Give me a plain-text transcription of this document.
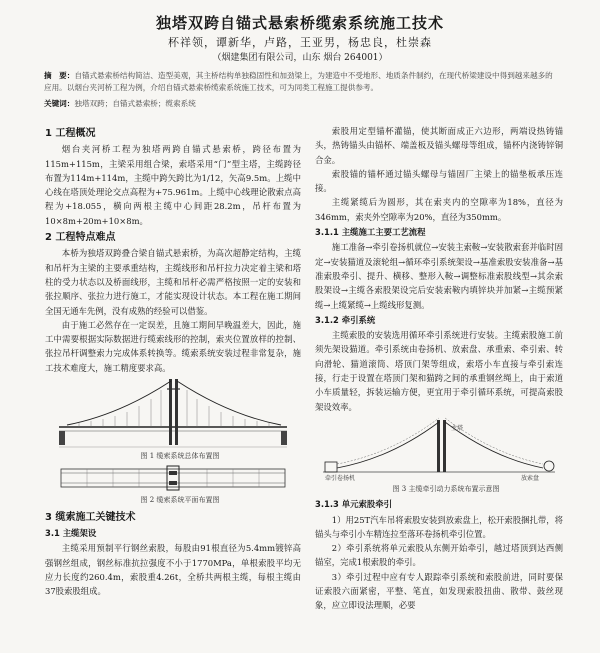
独塔双跨自锚式悬索桥缆索系统施工技术
杯祥领，谭新华，卢路，王亚男，杨忠良，杜崇森
（烟建集团有限公司，山东 烟台 264001）
摘　要：自锚式悬索桥结构简洁、造型美观，其主桥结构单独稳固性和加劲梁上，为建造中不受地形、地质条件制约，在现代桥梁建设中得到越来越多的应用。以烟台夹河桥工程为例，介绍自锚式悬索桥缆索系统施工技术，可为同类工程施工提供参考。
关键词：独塔双跨；自锚式悬索桥；缆索系统
1 工程概况

烟台夹河桥工程为独塔两跨自锚式悬索桥，跨径布置为115m+115m，主梁采用组合梁，索塔采用“门”型主塔，主缆跨径布置为114m+114m，主缆中跨矢跨比为1/12，矢高9.5m。上缆中心线在塔顶处理论交点高程为+75.961m。上缆中心线理论散索点高程为+18.055，横向两根主缆中心间距28.2m，吊杆布置为10×8m+20m+10×8m。

2 工程特点难点

本桥为独塔双跨叠合梁自锚式悬索桥，为高次超静定结构，主缆和吊杆为主梁的主要承重结构，主缆线形和吊杆拉力决定着主梁和塔柱的受力状态以及桥面线形，主缆和吊杆必需严格按照一定的安装和张拉顺序、张拉力进行施工，才能实现设计状态。本工程在施工期间全国无通车先例，没有成熟的经验可以借鉴。

由于施工必然存在一定误差，且施工期间早晚温差大，因此，施工中需要根据实际数据进行缆索线形的控制，索夹位置放样的控制、张拉吊杆调整索力完成体系转换等。缆索系统安装过程非常复杂，施工技术难度大，施工精度要求高。

图 1 缆索系统总体布置图

图 2 缆索系统平面布置图

3 缆索施工关键技术
3.1 主缆架设

主缆采用预制平行钢丝索股，每股由91根直径为5.4mm镀锌高强钢丝组成，钢丝标准抗拉强度不小于1770MPa，单根索股平均无应力长度约260.4m，索股重4.26t，全桥共两根主缆，每根主缆由37股索股组成。

索股用定型锚杯灌锚，使其断面成正六边形，两端设热铸锚头，热铸锚头由锚杯、端盖板及锚头螺母等组成，锚杯内浇铸锌铜合金。

索股锚的锚杯通过锚头螺母与锚固厂主梁上的锚垫板承压连接。

主缆紧缆后为圆形，其在索夹内的空隙率为18%，直径为346mm，索夹外空隙率为20%，直径为350mm。

3.1.1 主缆施工主要工艺流程

施工准备→牵引卷扬机就位→安装主索鞍→安装散索套并临时固定→安装猫道及滚轮组→循环牵引系统架设→基准索股安装准备→基准索股牵引、提升、横移、整形入鞍→调整标准索股线型→其余索股架设→主缆各索股架设完后安装索鞍内填锌块并加紧→主缆预紧缆→上缆紧缆→上缆线形复测。

3.1.2 牵引系统

主缆索股的安装选用循环牵引系统进行安装。主缆索股施工前须先架设猫道。牵引系统由卷扬机、放索盘、承重索、牵引索、转向滑轮、猫道滚筒、塔顶门架等组成，索塔小车直接与牵引索连接，行走于设置在塔顶门架和猫跨之间的承重钢丝绳上，由于索道小车质量轻，拆装运输方便，更宜用于牵引循环系统，可提高索股架设效率。

主塔
牵引卷扬机	放索盘

图 3 主缆牵引动力系统布置示意图

3.1.3 单元索股牵引

1）用25T汽车吊将索股安装到放索盘上，松开索股捆扎带，将锚头与牵引小车精连拉至落环卷扬机牵引位置。

2）牵引系统将单元索股从东侧开始牵引，越过塔顶到达西侧锚室，完成1根索股的牵引。

3）牵引过程中应有专人跟踪牵引系统和索股前进，同时要保证索股六面紧密，平整、笔直，如发现索股扭曲、散带、鼓丝现象，应立即设法理顺，必要
